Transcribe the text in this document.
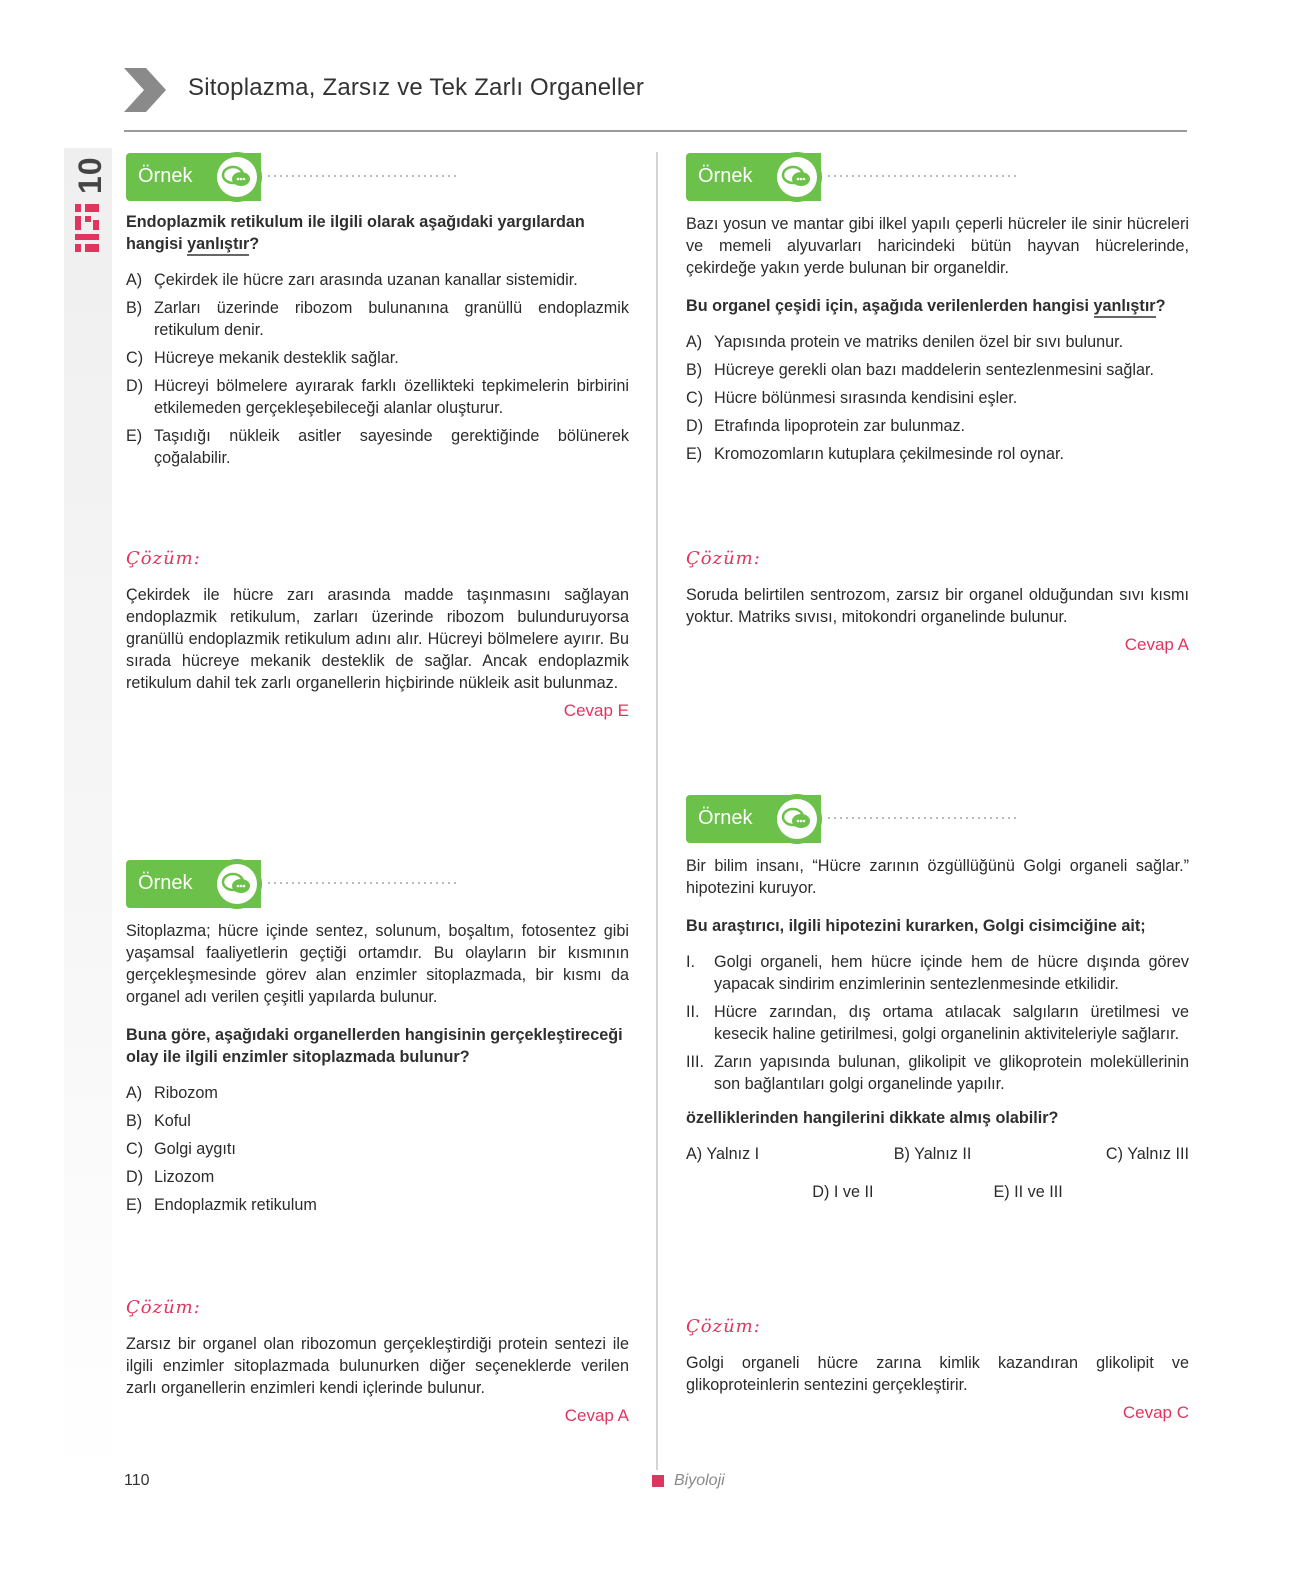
10
Sitoplazma, Zarsız ve Tek Zarlı Organeller
Örnek
Endoplazmik retikulum ile ilgili olarak aşağıdaki yargılardan hangisi yanlıştır?
A) Çekirdek ile hücre zarı arasında uzanan kanallar sistemidir.
B) Zarları üzerinde ribozom bulunanına granüllü endoplazmik retikulum denir.
C) Hücreye mekanik desteklik sağlar.
D) Hücreyi bölmelere ayırarak farklı özellikteki tepkimelerin birbirini etkilemeden gerçekleşebileceği alanlar oluşturur.
E) Taşıdığı nükleik asitler sayesinde gerektiğinde bölünerek çoğalabilir.
Çözüm:
Çekirdek ile hücre zarı arasında madde taşınmasını sağlayan endoplazmik retikulum, zarları üzerinde ribozom bulunduruyorsa granüllü endoplazmik retikulum adını alır. Hücreyi bölmelere ayırır. Bu sırada hücreye mekanik desteklik de sağlar. Ancak endoplazmik retikulum dahil tek zarlı organellerin hiçbirinde nükleik asit bulunmaz.
Cevap E
Örnek
Bazı yosun ve mantar gibi ilkel yapılı çeperli hücreler ile sinir hücreleri ve memeli alyuvarları haricindeki bütün hayvan hücrelerinde, çekirdeğe yakın yerde bulunan bir organeldir.
Bu organel çeşidi için, aşağıda verilenlerden hangisi yanlıştır?
A) Yapısında protein ve matriks denilen özel bir sıvı bulunur.
B) Hücreye gerekli olan bazı maddelerin sentezlenmesini sağlar.
C) Hücre bölünmesi sırasında kendisini eşler.
D) Etrafında lipoprotein zar bulunmaz.
E) Kromozomların kutuplara çekilmesinde rol oynar.
Çözüm:
Soruda belirtilen sentrozom, zarsız bir organel olduğundan sıvı kısmı yoktur. Matriks sıvısı, mitokondri organelinde bulunur.
Cevap A
Örnek
Sitoplazma; hücre içinde sentez, solunum, boşaltım, fotosentez gibi yaşamsal faaliyetlerin geçtiği ortamdır. Bu olayların bir kısmının gerçekleşmesinde görev alan enzimler sitoplazmada, bir kısmı da organel adı verilen çeşitli yapılarda bulunur.
Buna göre, aşağıdaki organellerden hangisinin gerçekleştireceği olay ile ilgili enzimler sitoplazmada bulunur?
A) Ribozom
B) Koful
C) Golgi aygıtı
D) Lizozom
E) Endoplazmik retikulum
Çözüm:
Zarsız bir organel olan ribozomun gerçekleştirdiği protein sentezi ile ilgili enzimler sitoplazmada bulunurken diğer seçeneklerde verilen zarlı organellerin enzimleri kendi içlerinde bulunur.
Cevap A
Örnek
Bir bilim insanı, “Hücre zarının özgüllüğünü Golgi organeli sağlar.” hipotezini kuruyor.
Bu araştırıcı, ilgili hipotezini kurarken, Golgi cisimciğine ait;
I.	Golgi organeli, hem hücre içinde hem de hücre dışında görev yapacak sindirim enzimlerinin sentezlenmesinde etkilidir.
II. Hücre zarından, dış ortama atılacak salgıların üretilmesi ve kesecik haline getirilmesi, golgi organelinin aktiviteleriyle sağlarır.
III. Zarın yapısında bulunan, glikolipit ve glikoprotein moleküllerinin son bağlantıları golgi organelinde yapılır.
özelliklerinden hangilerini dikkate almış olabilir?
A) Yalnız I	B) Yalnız II	C) Yalnız III
D) I ve II	E) II ve III
Çözüm:
Golgi organeli hücre zarına kimlik kazandıran glikolipit ve glikoproteinlerin sentezini gerçekleştirir.
Cevap C
110	Biyoloji
